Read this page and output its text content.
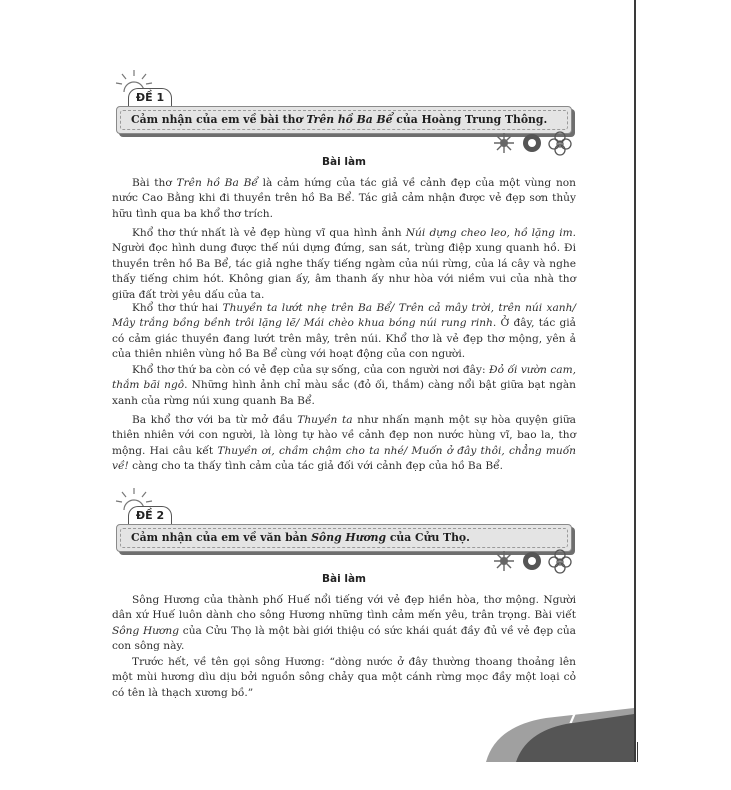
ĐỀ 1
Cảm nhận của em về bài thơ Trên hồ Ba Bể của Hoàng Trung Thông.
Bài làm

Bài thơ Trên hồ Ba Bể là cảm hứng của tác giả về cảnh đẹp của một vùng non nước Cao Bằng khi đi thuyền trên hồ Ba Bể. Tác giả cảm nhận được vẻ đẹp sơn thủy hữu tình qua ba khổ thơ trích.

Khổ thơ thứ nhất là vẻ đẹp hùng vĩ qua hình ảnh Núi dựng cheo leo, hồ lặng im. Người đọc hình dung được thế núi dựng đứng, san sát, trùng điệp xung quanh hồ. Đi thuyền trên hồ Ba Bể, tác giả nghe thấy tiếng ngàm của núi rừng, của lá cây và nghe thấy tiếng chim hót. Không gian ấy, âm thanh ấy như hòa với niềm vui của nhà thơ giữa đất trời yêu dấu của ta.

Khổ thơ thứ hai Thuyền ta lướt nhẹ trên Ba Bể/ Trên cả mây trời, trên núi xanh/ Mây trắng bồng bềnh trôi lặng lẽ/ Mái chèo khua bóng núi rung rinh. Ở đây, tác giả có cảm giác thuyền đang lướt trên mây, trên núi. Khổ thơ là vẻ đẹp thơ mộng, yên ả của thiên nhiên vùng hồ Ba Bể cùng với hoạt động của con người.

Khổ thơ thứ ba còn có vẻ đẹp của sự sống, của con người nơi đây: Đỏ ối vườn cam, thắm bãi ngô. Những hình ảnh chỉ màu sắc (đỏ ối, thắm) càng nổi bật giữa bạt ngàn xanh của rừng núi xung quanh Ba Bể.

Ba khổ thơ với ba từ mở đầu Thuyền ta như nhấn mạnh một sự hòa quyện giữa thiên nhiên với con người, là lòng tự hào về cảnh đẹp non nước hùng vĩ, bao la, thơ mộng. Hai câu kết Thuyền ơi, chầm chậm cho ta nhé/ Muốn ở đây thôi, chẳng muốn về! càng cho ta thấy tình cảm của tác giả đối với cảnh đẹp của hồ Ba Bể.

ĐỀ 2
Cảm nhận của em về văn bản Sông Hương của Cửu Thọ.
Bài làm

Sông Hương của thành phố Huế nổi tiếng với vẻ đẹp hiền hòa, thơ mộng. Người dân xứ Huế luôn dành cho sông Hương những tình cảm mến yêu, trân trọng. Bài viết Sông Hương của Cửu Thọ là một bài giới thiệu có sức khái quát đầy đủ về vẻ đẹp của con sông này.

Trước hết, về tên gọi sông Hương: “dòng nước ở đây thường thoang thoảng lên một mùi hương dìu dịu bởi nguồn sông chảy qua một cánh rừng mọc đầy một loại cỏ có tên là thạch xương bồ.”

7
